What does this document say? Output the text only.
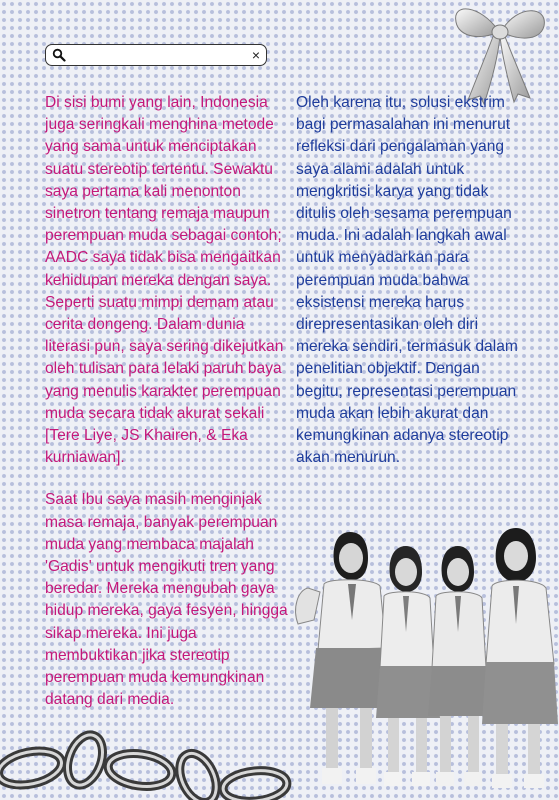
×

Di sisi bumi yang lain, Indonesia juga seringkali menghina metode yang sama untuk menciptakan suatu stereotip tertentu. Sewaktu saya pertama kali menonton sinetron tentang remaja maupun perempuan muda sebagai contoh; AADC saya tidak bisa mengaitkan kehidupan mereka dengan saya. Seperti suatu mimpi demam atau cerita dongeng. Dalam dunia literasi pun, saya sering dikejutkan oleh tulisan para lelaki paruh baya yang menulis karakter perempuan muda secara tidak akurat sekali [Tere Liye, JS Khairen, & Eka kurniawan].

Saat Ibu saya masih menginjak masa remaja, banyak perempuan muda yang membaca majalah 'Gadis' untuk mengikuti tren yang beredar. Mereka mengubah gaya hidup mereka, gaya fesyen, hingga sikap mereka. Ini juga membuktikan jika stereotip perempuan muda kemungkinan datang dari media.

Oleh karena itu, solusi ekstrim bagi permasalahan ini menurut refleksi dari pengalaman yang saya alami adalah untuk mengkritisi karya yang tidak ditulis oleh sesama perempuan muda. Ini adalah langkah awal untuk menyadarkan para perempuan muda bahwa eksistensi mereka harus direpresentasikan oleh diri mereka sendiri, termasuk dalam penelitian objektif. Dengan begitu, representasi perempuan muda akan lebih akurat dan kemungkinan adanya stereotip akan menurun.
